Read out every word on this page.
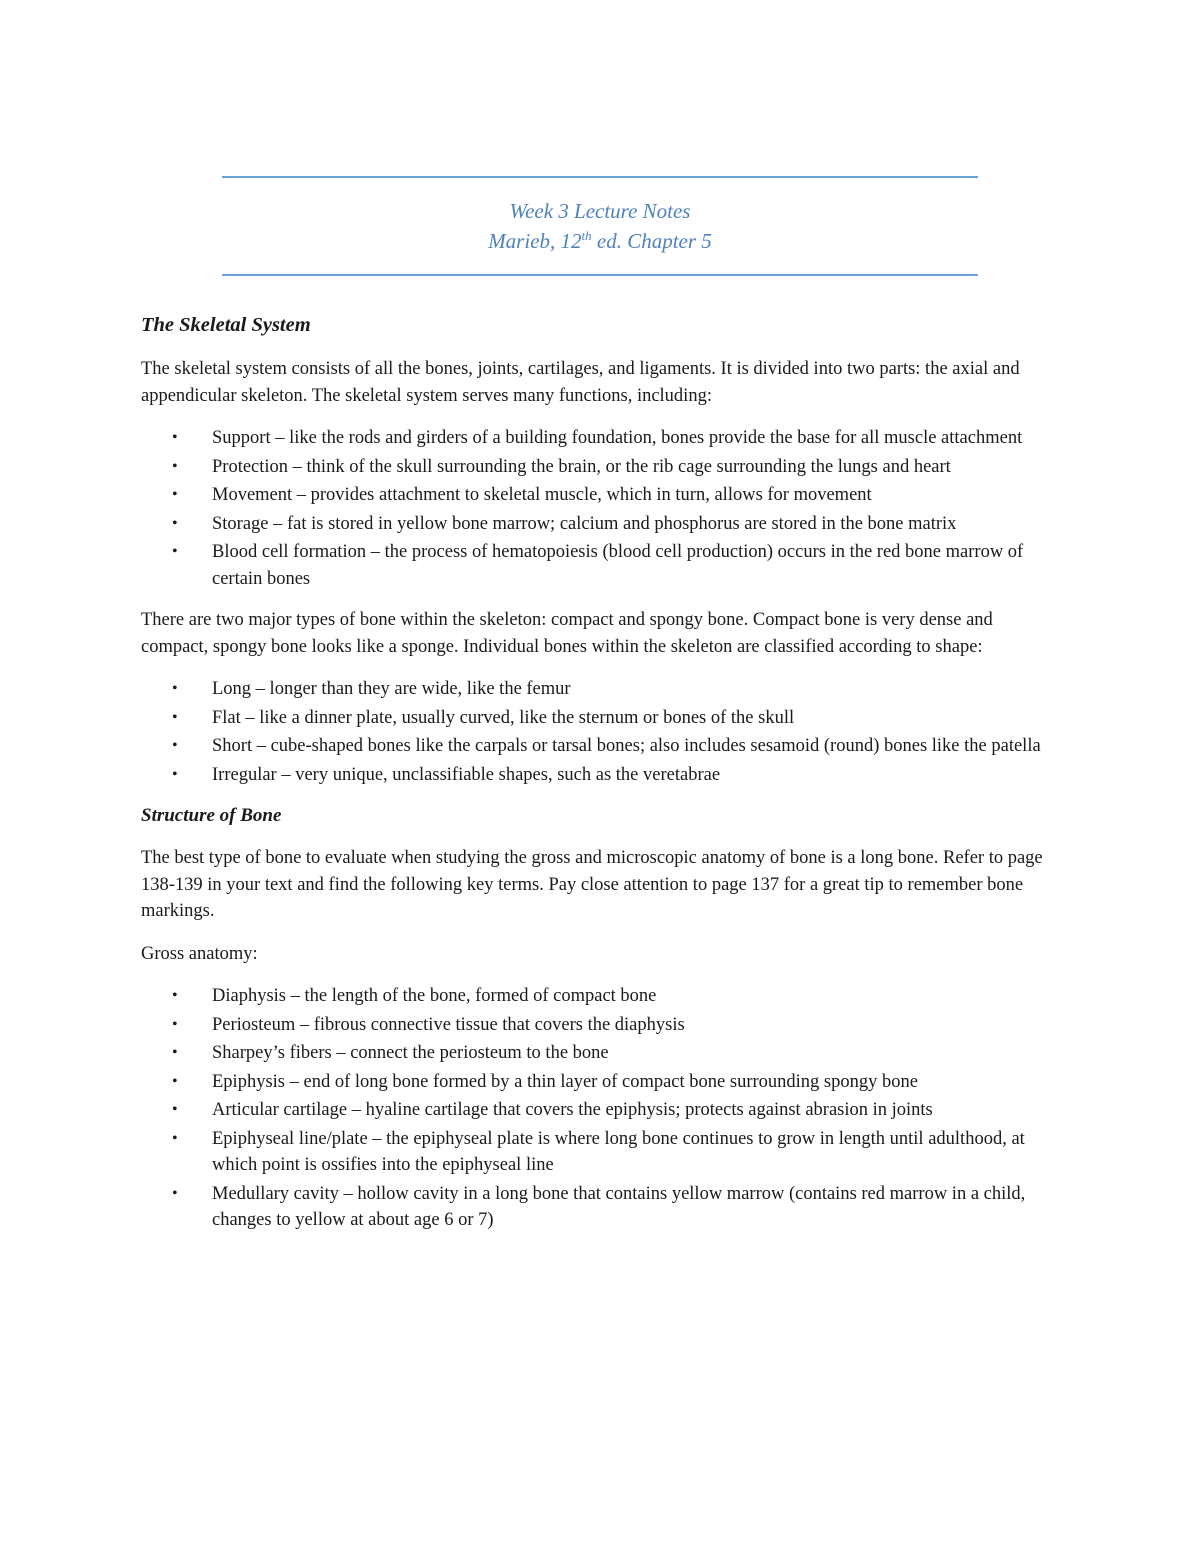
Week 3 Lecture Notes
Marieb, 12th ed. Chapter 5
The Skeletal System

The skeletal system consists of all the bones, joints, cartilages, and ligaments. It is divided into two parts: the axial and appendicular skeleton. The skeletal system serves many functions, including:

• Support – like the rods and girders of a building foundation, bones provide the base for all muscle attachment
• Protection – think of the skull surrounding the brain, or the rib cage surrounding the lungs and heart
• Movement – provides attachment to skeletal muscle, which in turn, allows for movement
• Storage – fat is stored in yellow bone marrow; calcium and phosphorus are stored in the bone matrix
• Blood cell formation – the process of hematopoiesis (blood cell production) occurs in the red bone marrow of certain bones

There are two major types of bone within the skeleton: compact and spongy bone. Compact bone is very dense and compact, spongy bone looks like a sponge. Individual bones within the skeleton are classified according to shape:

• Long – longer than they are wide, like the femur
• Flat – like a dinner plate, usually curved, like the sternum or bones of the skull
• Short – cube-shaped bones like the carpals or tarsal bones; also includes sesamoid (round) bones like the patella
• Irregular – very unique, unclassifiable shapes, such as the veretabrae
Structure of Bone

The best type of bone to evaluate when studying the gross and microscopic anatomy of bone is a long bone. Refer to page 138-139 in your text and find the following key terms. Pay close attention to page 137 for a great tip to remember bone markings.

Gross anatomy:

• Diaphysis – the length of the bone, formed of compact bone
• Periosteum – fibrous connective tissue that covers the diaphysis
• Sharpey’s fibers – connect the periosteum to the bone
• Epiphysis – end of long bone formed by a thin layer of compact bone surrounding spongy bone
• Articular cartilage – hyaline cartilage that covers the epiphysis; protects against abrasion in joints
• Epiphyseal line/plate – the epiphyseal plate is where long bone continues to grow in length until adulthood, at which point is ossifies into the epiphyseal line
• Medullary cavity – hollow cavity in a long bone that contains yellow marrow (contains red marrow in a child, changes to yellow at about age 6 or 7)
